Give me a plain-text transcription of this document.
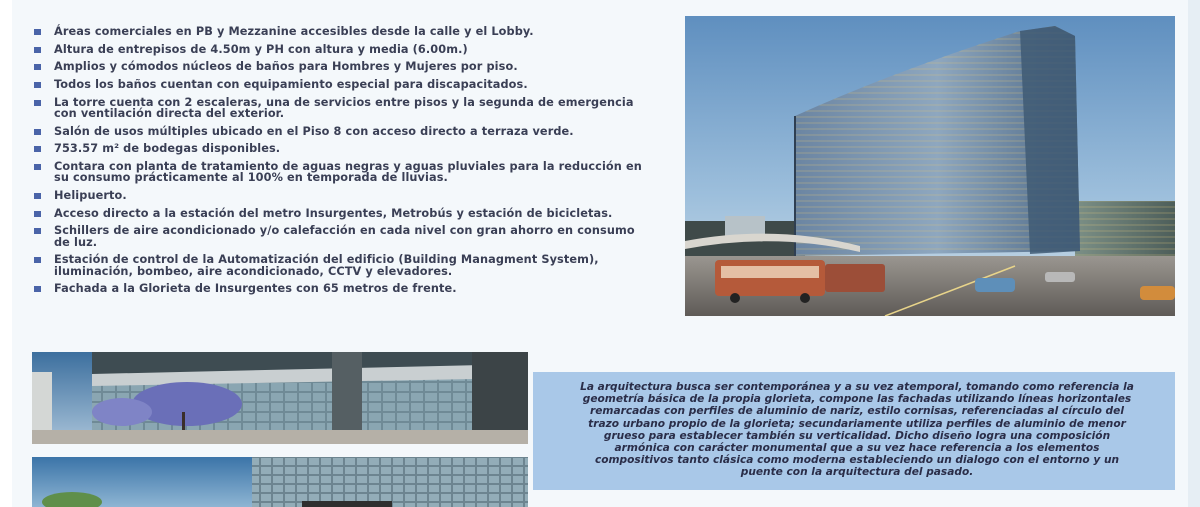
Áreas comerciales en PB y Mezzanine accesibles desde la calle y el Lobby.
Altura de entrepisos de 4.50m y PH con altura y media (6.00m.)
Amplios y cómodos núcleos de baños para Hombres y Mujeres por piso.
Todos los baños cuentan con equipamiento especial para discapacitados.
La torre cuenta con 2 escaleras, una de servicios entre pisos y la segunda de emergencia con ventilación directa del exterior.
Salón de usos múltiples ubicado en el Piso 8 con acceso directo a terraza verde.
753.57 m² de bodegas disponibles.
Contara con planta de tratamiento de aguas negras y aguas pluviales para la reducción en su consumo prácticamente al 100% en temporada de lluvias.
Helipuerto.
Acceso directo a la estación del metro Insurgentes, Metrobús y estación de bicicletas.
Schillers de aire acondicionado y/o calefacción en cada nivel con gran ahorro en consumo de luz.
Estación de control de la Automatización del edificio (Building Managment System), iluminación, bombeo, aire acondicionado, CCTV y elevadores.
Fachada a la Glorieta de Insurgentes con 65 metros de frente.
La arquitectura busca ser contemporánea y a su vez atemporal, tomando como referencia la geometría básica de la propia glorieta, compone las fachadas utilizando líneas horizontales remarcadas con perfiles de aluminio de nariz, estilo cornisas, referenciadas al círculo del trazo urbano propio de la glorieta; secundariamente utiliza perfiles de aluminio de menor grueso para establecer también su verticalidad. Dicho diseño logra una composición armónica con carácter monumental que a su vez hace referencia a los elementos compositivos tanto clásica como moderna estableciendo un dialogo con el entorno y un puente con la arquitectura del pasado.
